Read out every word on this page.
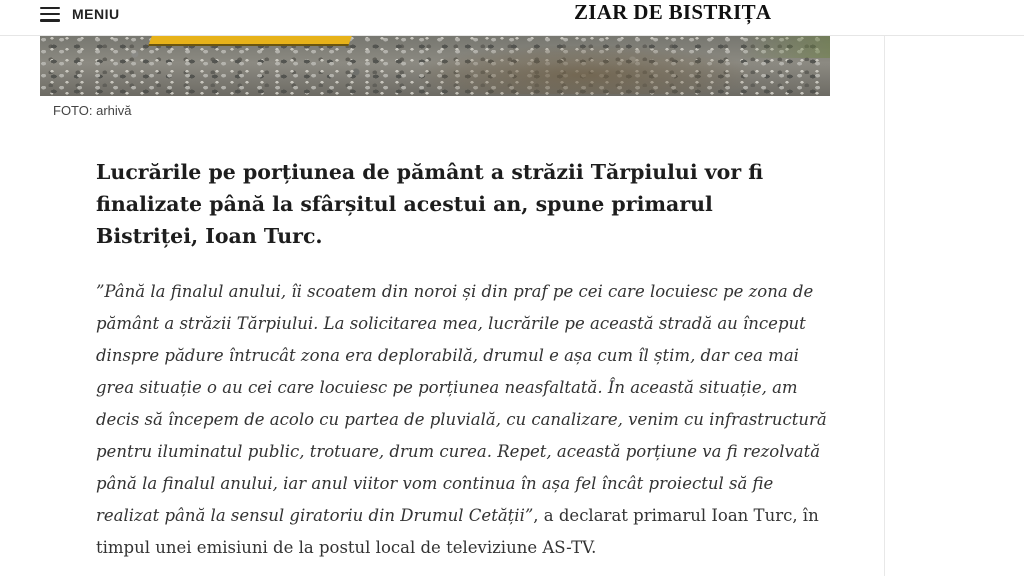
MENIU	ZIAR DE BISTRIȚA
FOTO: arhivă
Lucrările pe porțiunea de pământ a străzii Tărpiului vor fi finalizate până la sfârșitul acestui an, spune primarul Bistriței, Ioan Turc.

”Până la finalul anului, îi scoatem din noroi și din praf pe cei care locuiesc pe zona de pământ a străzii Tărpiului. La solicitarea mea, lucrările pe această stradă au început dinspre pădure întrucât zona era deplorabilă, drumul e așa cum îl știm, dar cea mai grea situație o au cei care locuiesc pe porțiunea neasfaltată. În această situație, am decis să începem de acolo cu partea de pluvială, cu canalizare, venim cu infrastructură pentru iluminatul public, trotuare, drum curea. Repet, această porțiune va fi rezolvată până la finalul anului, iar anul viitor vom continua în așa fel încât proiectul să fie realizat până la sensul giratoriu din Drumul Cetății”, a declarat primarul Ioan Turc, în timpul unei emisiuni de la postul local de televiziune AS-TV.
